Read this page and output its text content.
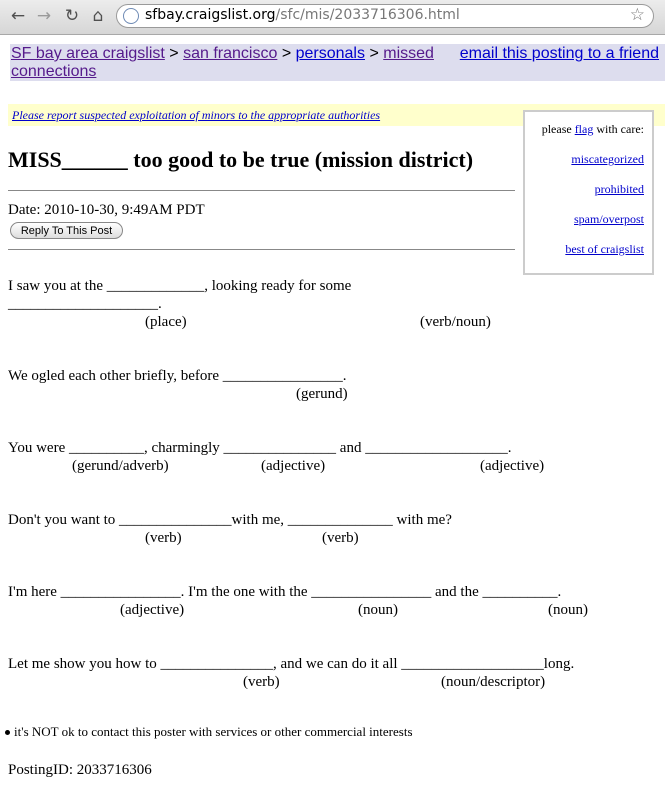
← → ↻ ⌂	sfbay.craigslist.org/sfc/mis/2033716306.html	☆
SF bay area craigslist > san francisco > personals > missed
connections
email this posting to a friend
Please report suspected exploitation of minors to the appropriate authorities
please flag with care:
miscategorized
prohibited
spam/overpost
best of craigslist
MISS______ too good to be true (mission district)
Date: 2010-10-30, 9:49AM PDT
Reply To This Post
I saw you at the _____________, looking ready for some
____________________.
(place)	(verb/noun)
We ogled each other briefly, before ________________.
(gerund)
You were __________, charmingly _______________ and ___________________.
(gerund/adverb)	(adjective)	(adjective)
Don't you want to _______________with me, ______________ with me?
(verb)	(verb)
I'm here ________________. I'm the one with the ________________ and the __________.
(adjective)	(noun)	(noun)
Let me show you how to _______________, and we can do it all ___________________long.
(verb)	(noun/descriptor)
it's NOT ok to contact this poster with services or other commercial interests
PostingID: 2033716306
